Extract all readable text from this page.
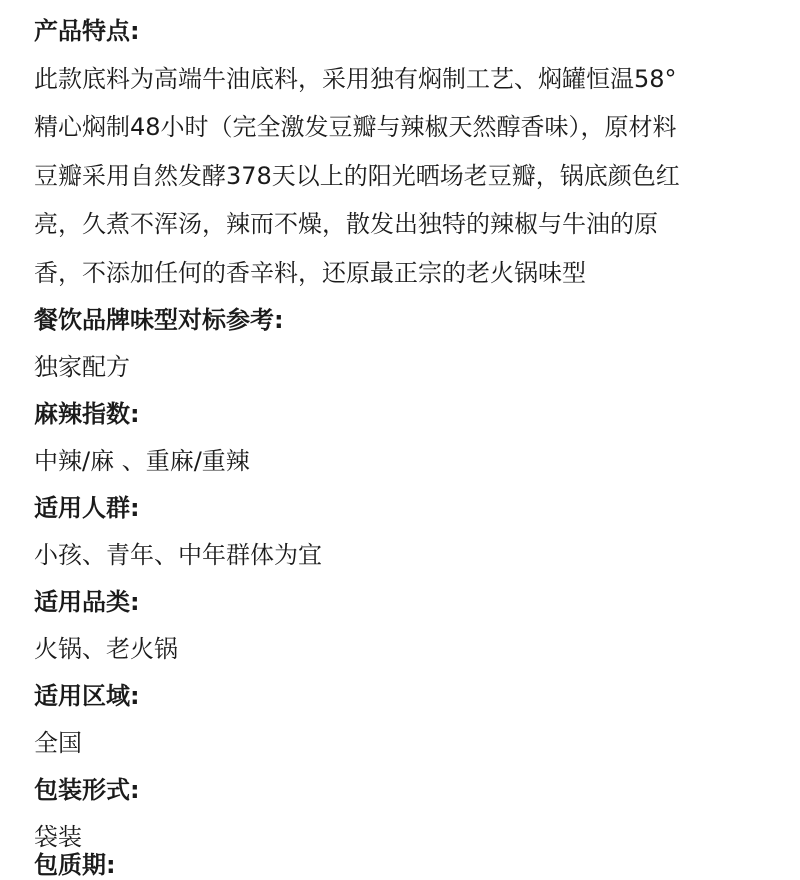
产品特点:
此款底料为高端牛油底料，采用独有焖制工艺、焖罐恒温58°
精心焖制48小时（完全激发豆瓣与辣椒天然醇香味），原材料
豆瓣采用自然发酵378天以上的阳光晒场老豆瓣，锅底颜色红
亮，久煮不浑汤，辣而不燥，散发出独特的辣椒与牛油的原
香，不添加任何的香辛料，还原最正宗的老火锅味型
餐饮品牌味型对标参考:
独家配方
麻辣指数:
中辣/麻 、重麻/重辣
适用人群:
小孩、青年、中年群体为宜
适用品类:
火锅、老火锅
适用区域:
全国
包装形式:
袋装
包质期:
